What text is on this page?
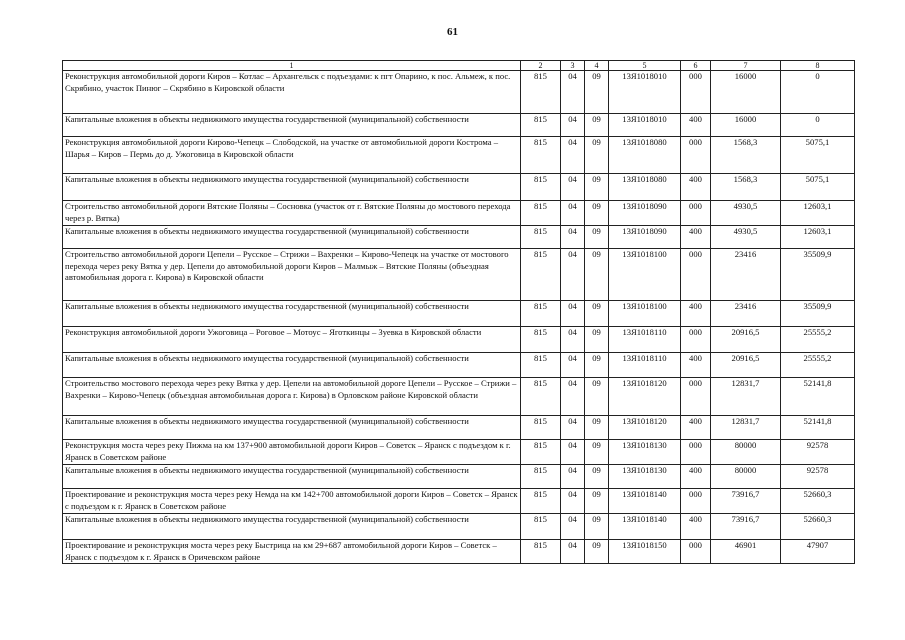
61
1	2	3	4	5	6	7	8
Реконструкция автомобильной дороги Киров – Котлас – Архангельск с подъездами: к пгт Опарино, к пос. Альмеж, к пос. Скрябино, участок Пинюг – Скрябино в Кировской области	815	04	09	13Я1018010	000	16000	0
Капитальные вложения в объекты недвижимого имущества государственной (муниципальной) собственности	815	04	09	13Я1018010	400	16000	0
Реконструкция автомобильной дороги Кирово-Чепецк – Слободской, на участке от автомобильной дороги Кострома – Шарья – Киров – Пермь до д. Ужоговица в Кировской области	815	04	09	13Я1018080	000	1568,3	5075,1
Капитальные вложения в объекты недвижимого имущества государственной (муниципальной) собственности	815	04	09	13Я1018080	400	1568,3	5075,1
Строительство автомобильной дороги Вятские Поляны – Сосновка (участок от г. Вятские Поляны до мостового перехода через р. Вятка)	815	04	09	13Я1018090	000	4930,5	12603,1
Капитальные вложения в объекты недвижимого имущества государственной (муниципальной) собственности	815	04	09	13Я1018090	400	4930,5	12603,1
Строительство автомобильной дороги Цепели – Русское – Стрижи – Вахренки – Кирово-Чепецк на участке от мостового перехода через реку Вятка у дер. Цепели до автомобильной дороги Киров – Малмыж – Вятские Поляны (объездная автомобильная дорога г. Кирова) в Кировской области	815	04	09	13Я1018100	000	23416	35509,9
Капитальные вложения в объекты недвижимого имущества государственной (муниципальной) собственности	815	04	09	13Я1018100	400	23416	35509,9
Реконструкция автомобильной дороги Ужоговица – Роговое – Мотоус – Яготкинцы – Зуевка в Кировской области	815	04	09	13Я1018110	000	20916,5	25555,2
Капитальные вложения в объекты недвижимого имущества государственной (муниципальной) собственности	815	04	09	13Я1018110	400	20916,5	25555,2
Строительство мостового перехода через реку Вятка у дер. Цепели на автомобильной дороге Цепели – Русское – Стрижи – Вахренки – Кирово-Чепецк (объездная автомобильная дорога г. Кирова) в Орловском районе Кировской области	815	04	09	13Я1018120	000	12831,7	52141,8
Капитальные вложения в объекты недвижимого имущества государственной (муниципальной) собственности	815	04	09	13Я1018120	400	12831,7	52141,8
Реконструкция моста через реку Пижма на км 137+900 автомобильной дороги Киров – Советск – Яранск с подъездом к г. Яранск в Советском районе	815	04	09	13Я1018130	000	80000	92578
Капитальные вложения в объекты недвижимого имущества государственной (муниципальной) собственности	815	04	09	13Я1018130	400	80000	92578
Проектирование и реконструкция моста через реку Немда на км 142+700 автомобильной дороги Киров – Советск – Яранск с подъездом к г. Яранск в Советском районе	815	04	09	13Я1018140	000	73916,7	52660,3
Капитальные вложения в объекты недвижимого имущества государственной (муниципальной) собственности	815	04	09	13Я1018140	400	73916,7	52660,3
Проектирование и реконструкция моста через реку Быстрица на км 29+687 автомобильной дороги Киров – Советск – Яранск с подъездом к г. Яранск в Оричевском районе	815	04	09	13Я1018150	000	46901	47907
